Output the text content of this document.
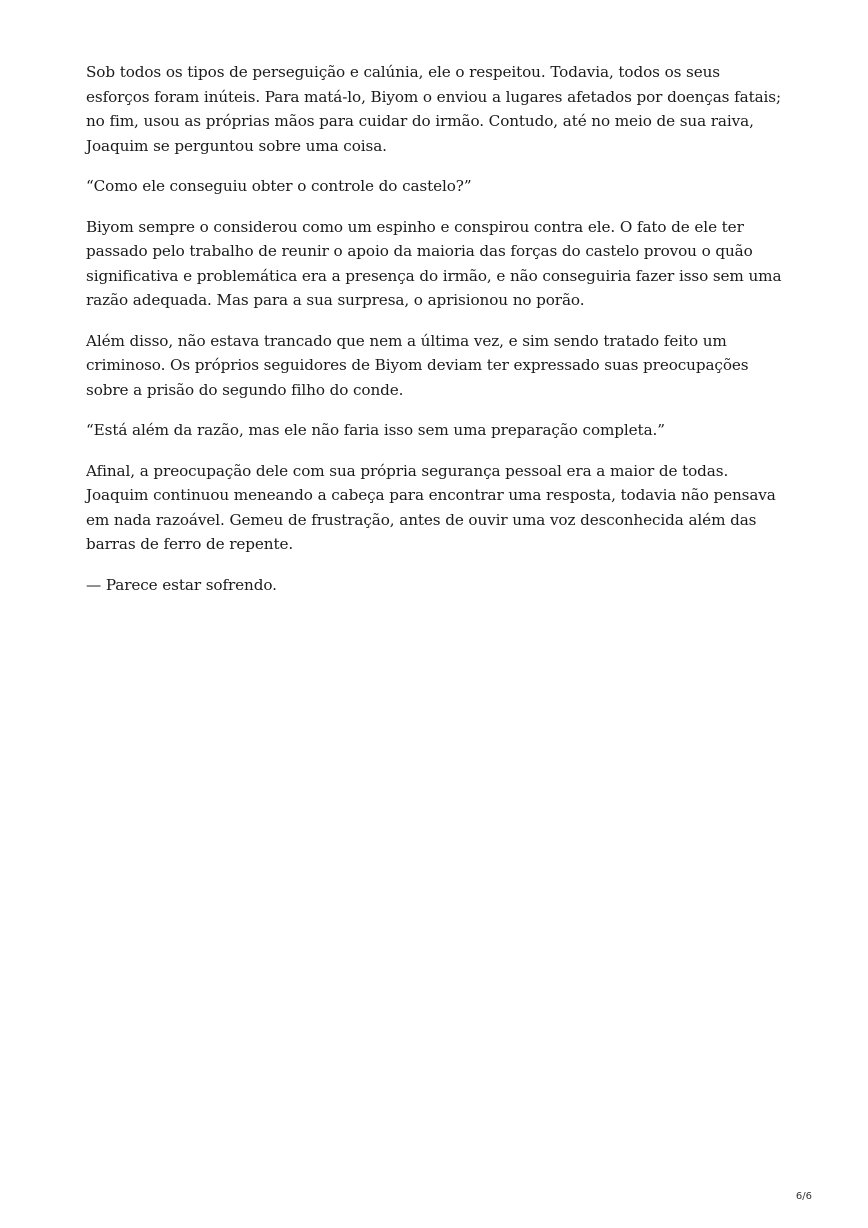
Sob todos os tipos de perseguição e calúnia, ele o respeitou. Todavia, todos os seus esforços foram inúteis. Para matá-lo, Biyom o enviou a lugares afetados por doenças fatais; no fim, usou as próprias mãos para cuidar do irmão. Contudo, até no meio de sua raiva, Joaquim se perguntou sobre uma coisa.

“Como ele conseguiu obter o controle do castelo?”

Biyom sempre o considerou como um espinho e conspirou contra ele. O fato de ele ter passado pelo trabalho de reunir o apoio da maioria das forças do castelo provou o quão significativa e problemática era a presença do irmão, e não conseguiria fazer isso sem uma razão adequada. Mas para a sua surpresa, o aprisionou no porão.

Além disso, não estava trancado que nem a última vez, e sim sendo tratado feito um criminoso. Os próprios seguidores de Biyom deviam ter expressado suas preocupações sobre a prisão do segundo filho do conde.

“Está além da razão, mas ele não faria isso sem uma preparação completa.”

Afinal, a preocupação dele com sua própria segurança pessoal era a maior de todas. Joaquim continuou meneando a cabeça para encontrar uma resposta, todavia não pensava em nada razoável. Gemeu de frustração, antes de ouvir uma voz desconhecida além das barras de ferro de repente.

— Parece estar sofrendo.

6/6
